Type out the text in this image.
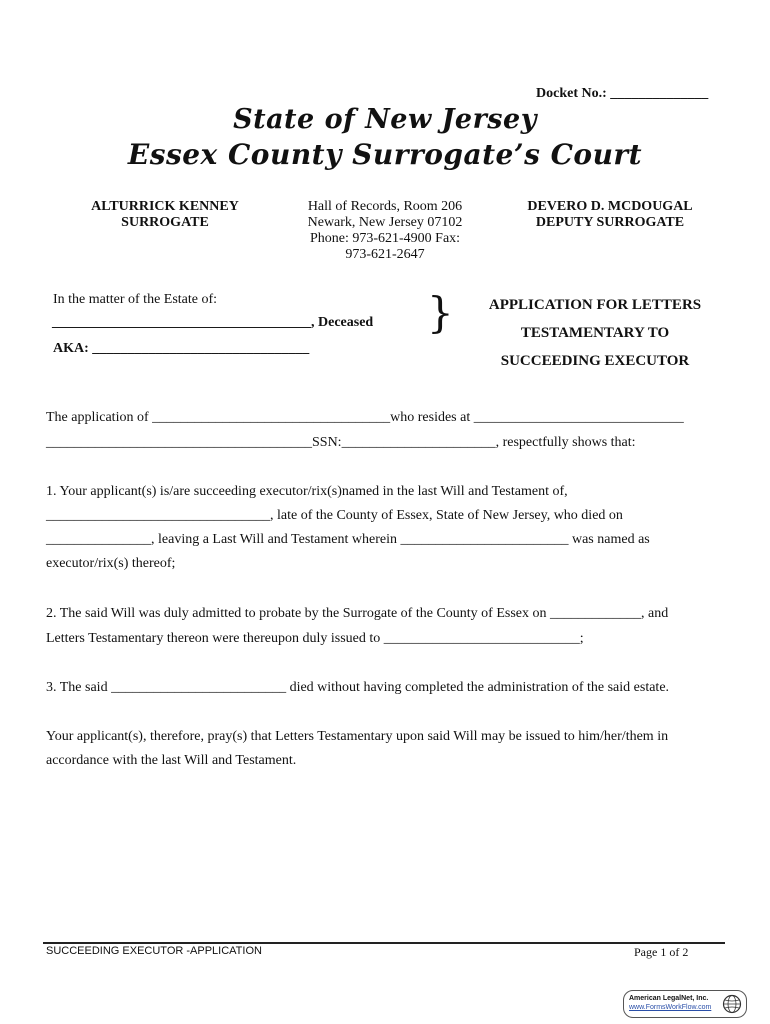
Docket No.: ______________
State of New Jersey
Essex County Surrogate’s Court
ALTURRICK KENNEY
SURROGATE
Hall of Records, Room 206
Newark, New Jersey 07102
Phone: 973-621-4900 Fax:
973-621-2647
DEVERO D. MCDOUGAL
DEPUTY SURROGATE
In the matter of the Estate of:
_____________________________________, Deceased
AKA: _______________________________
}	APPLICATION FOR LETTERS
TESTAMENTARY TO
SUCCEEDING EXECUTOR
The application of __________________________________who resides at ______________________________
______________________________________SSN:______________________, respectfully shows that:
1. Your applicant(s) is/are succeeding executor/rix(s)named in the last Will and Testament of,
________________________________, late of the County of Essex, State of New Jersey, who died on
_______________, leaving a Last Will and Testament wherein ________________________ was named as
executor/rix(s) thereof;
2. The said Will was duly admitted to probate by the Surrogate of the County of Essex on _____________, and
Letters Testamentary thereon were thereupon duly issued to ____________________________;
3. The said _________________________ died without having completed the administration of the said estate.
Your applicant(s), therefore, pray(s) that Letters Testamentary upon said Will may be issued to him/her/them in
accordance with the last Will and Testament.
SUCCEEDING EXECUTOR -APPLICATION	Page 1 of 2
American LegalNet, Inc.
www.FormsWorkFlow.com
